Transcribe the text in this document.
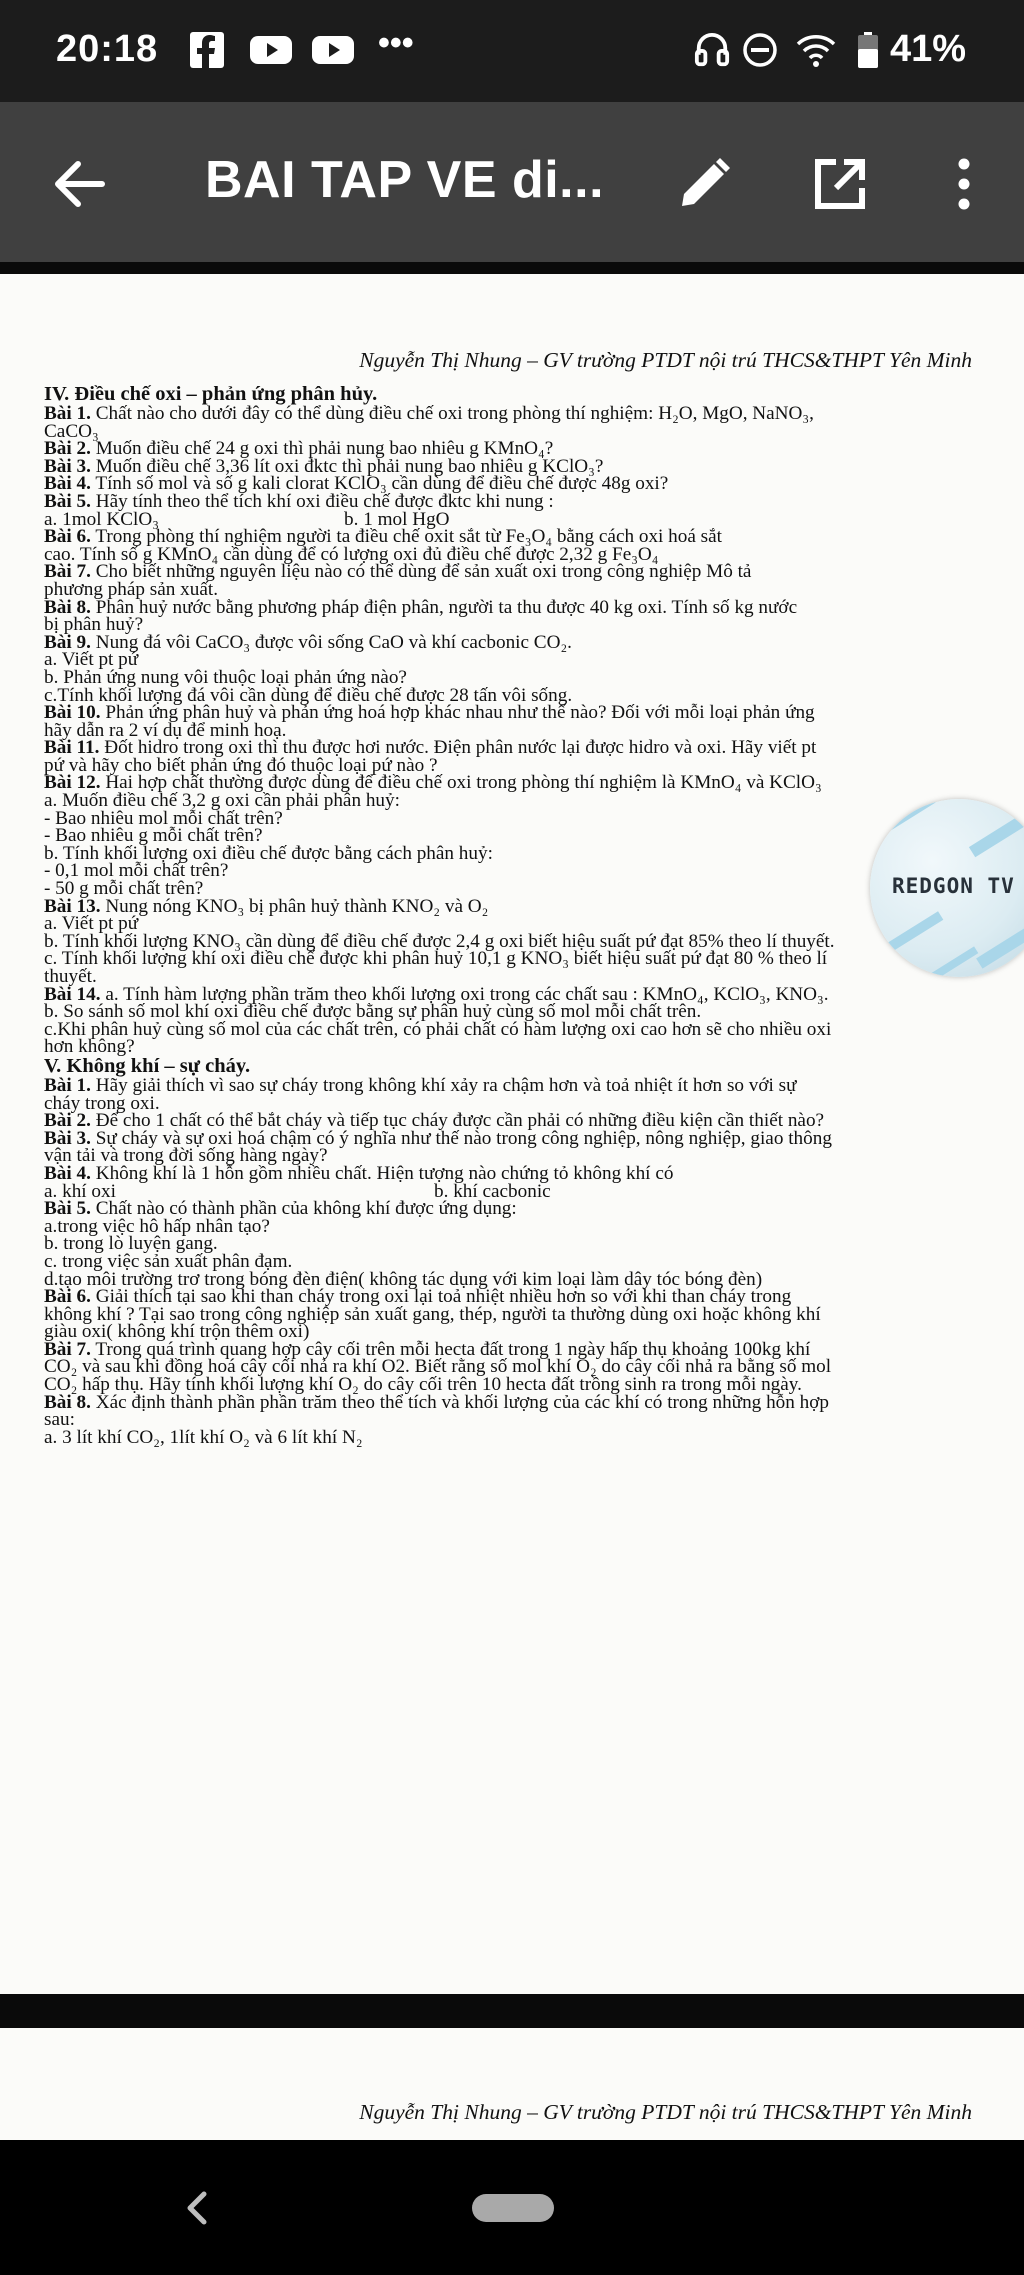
20:18	•••	41%
BAI TAP VE di...
Nguyễn Thị Nhung – GV trường PTDT nội trú THCS&THPT Yên Minh

IV. Điều chế oxi – phản ứng phân hủy.

Bài 1. Chất nào cho dưới đây có thể dùng điều chế oxi trong phòng thí nghiệm: H₂O, MgO, NaNO₃,

CaCO₃

Bài 2. Muốn điều chế 24 g oxi thì phải nung bao nhiêu g KMnO₄?

Bài 3. Muốn điều chế 3,36 lít oxi đktc thì phải nung bao nhiêu g KClO₃?

Bài 4. Tính số mol và số g kali clorat KClO₃ cần dùng để điều chế được 48g oxi?

Bài 5. Hãy tính theo thể tích khí oxi điều chế được đktc khi nung :

a. 1mol KClO₃	b. 1 mol HgO

Bài 6. Trong phòng thí nghiệm người ta điều chế oxit sắt từ Fe₃O₄ bằng cách oxi hoá sắt

cao. Tính số g KMnO₄ cần dùng để có lượng oxi đủ điều chế được 2,32 g Fe₃O₄

Bài 7. Cho biết những nguyên liệu nào có thể dùng để sản xuất oxi trong công nghiệp Mô tả

phương pháp sản xuất.

Bài 8. Phân huỷ nước bằng phương pháp điện phân, người ta thu được 40 kg oxi. Tính số kg nước

bị phân huỷ?

Bài 9. Nung đá vôi CaCO₃ được vôi sống CaO và khí cacbonic CO₂.

a. Viết pt pứ

b. Phản ứng nung vôi thuộc loại phản ứng nào?

c.Tính khối lượng đá vôi cần dùng để điều chế được 28 tấn vôi sống.

Bài 10. Phản ứng phân huỷ và phản ứng hoá hợp khác nhau như thế nào? Đối với mỗi loại phản ứng

hãy dẫn ra 2 ví dụ để minh hoạ.

Bài 11. Đốt hidro trong oxi thì thu được hơi nước. Điện phân nước lại được hidro và oxi. Hãy viết pt

pứ và hãy cho biết phản ứng đó thuộc loại pứ nào ?

Bài 12. Hai hợp chất thường được dùng để điều chế oxi trong phòng thí nghiệm là KMnO₄ và KClO₃

a. Muốn điều chế 3,2 g oxi cần phải phân huỷ:

- Bao nhiêu mol mỗi chất trên?

- Bao nhiêu g mỗi chất trên?

b. Tính khối lượng oxi điều chế được bằng cách phân huỷ:

- 0,1 mol mỗi chất trên?

- 50 g mỗi chất trên?

Bài 13. Nung nóng KNO₃ bị phân huỷ thành KNO₂ và O₂

a. Viết pt pứ

b. Tính khối lượng KNO₃ cần dùng để điều chế được 2,4 g oxi biết hiệu suất pứ đạt 85% theo lí thuyết.

c. Tính khối lượng khí oxi điều chế được khi phân huỷ 10,1 g KNO₃ biết hiệu suất pứ đạt 80 % theo lí

thuyết.

Bài 14. a. Tính hàm lượng phần trăm theo khối lượng oxi trong các chất sau : KMnO₄, KClO₃, KNO₃.

b. So sánh số mol khí oxi điều chế được bằng sự phân huỷ cùng số mol mỗi chất trên.

c.Khi phân huỷ cùng số mol của các chất trên, có phải chất có hàm lượng oxi cao hơn sẽ cho nhiều oxi

hơn không?

V. Không khí – sự cháy.

Bài 1. Hãy giải thích vì sao sự cháy trong không khí xảy ra chậm hơn và toả nhiệt ít hơn so với sự

cháy trong oxi.

Bài 2. Để cho 1 chất có thể bắt cháy và tiếp tục cháy được cần phải có những điều kiện cần thiết nào?

Bài 3. Sự cháy và sự oxi hoá chậm có ý nghĩa như thế nào trong công nghiệp, nông nghiệp, giao thông

vận tải và trong đời sống hàng ngày?

Bài 4. Không khí là 1 hỗn gồm nhiều chất. Hiện tượng nào chứng tỏ không khí có

a. khí oxi	b. khí cacbonic

Bài 5. Chất nào có thành phần của không khí được ứng dụng:

a.trong việc hô hấp nhân tạo?

b. trong lò luyện gang.

c. trong việc sản xuất phân đạm.

d.tạo môi trường trơ trong bóng đèn điện( không tác dụng với kim loại làm dây tóc bóng đèn)

Bài 6. Giải thích tại sao khi than cháy trong oxi lại toả nhiệt nhiều hơn so với khi than cháy trong

không khí ? Tại sao trong công nghiệp sản xuất gang, thép, người ta thường dùng oxi hoặc không khí

giàu oxi( không khí trộn thêm oxi)

Bài 7. Trong quá trình quang hợp cây cối trên mỗi hecta đất trong 1 ngày hấp thụ khoảng 100kg khí

CO₂ và sau khi đồng hoá cây cối nhả ra khí O2. Biết rằng số mol khí O₂ do cây cối nhả ra bằng số mol

CO₂ hấp thụ. Hãy tính khối lượng khí O₂ do cây cối trên 10 hecta đất trồng sinh ra trong mỗi ngày.

Bài 8. Xác định thành phần phần trăm theo thể tích và khối lượng của các khí có trong những hỗn hợp

sau:

a. 3 lít khí CO₂, 1lít khí O₂ và 6 lít khí N₂

REDGON TV
Nguyễn Thị Nhung – GV trường PTDT nội trú THCS&THPT Yên Minh
